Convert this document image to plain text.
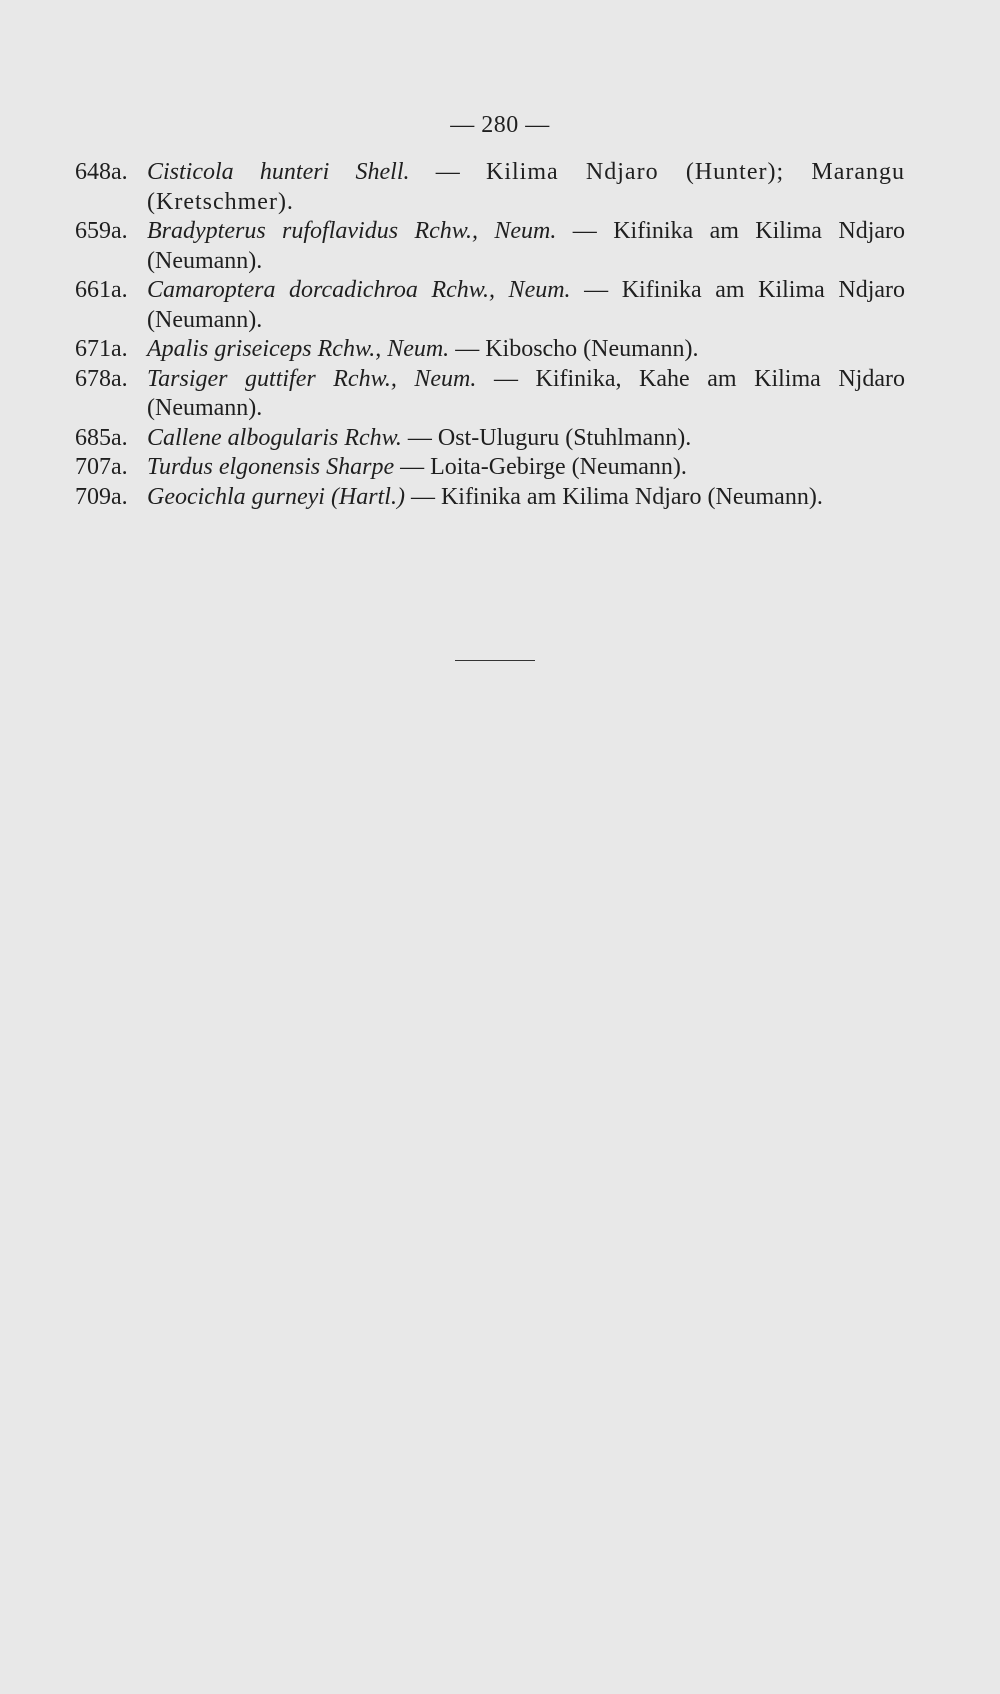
— 280 —
648a. Cisticola hunteri Shell. — Kilima Ndjaro (Hunter); Marangu (Kretschmer).
659a. Bradypterus rufoflavidus Rchw., Neum. — Kifinika am Kilima Ndjaro (Neumann).
661a. Camaroptera dorcadichroa Rchw., Neum. — Kifinika am Kilima Ndjaro (Neumann).
671a. Apalis griseiceps Rchw., Neum. — Kiboscho (Neumann).
678a. Tarsiger guttifer Rchw., Neum. — Kifinika, Kahe am Kilima Njdaro (Neumann).
685a. Callene albogularis Rchw. — Ost-Uluguru (Stuhlmann).
707a. Turdus elgonensis Sharpe — Loita-Gebirge (Neumann).
709a. Geocichla gurneyi (Hartl.) — Kifinika am Kilima Ndjaro (Neumann).
